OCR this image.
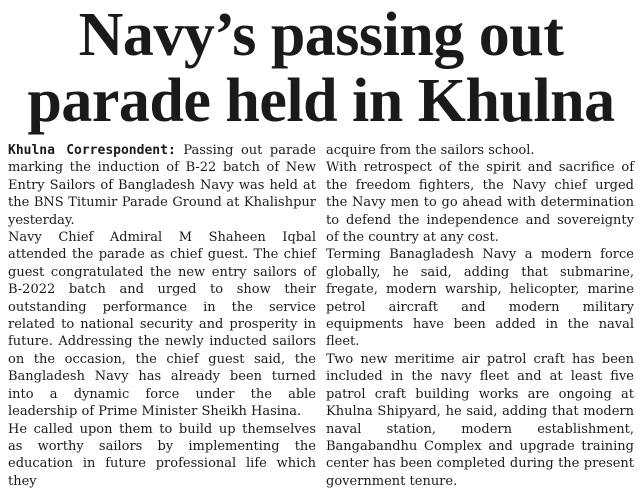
Navy’s passing out
parade held in Khulna

Khulna Correspondent: Passing out parade marking the induction of B-22 batch of New Entry Sailors of Bangladesh Navy was held at the BNS Titumir Parade Ground at Khalishpur yesterday.

Navy Chief Admiral M Shaheen Iqbal attended the parade as chief guest. The chief guest congratulated the new entry sailors of B-2022 batch and urged to show their outstanding performance in the service related to national security and prosperity in future. Addressing the newly inducted sailors on the occasion, the chief guest said, the Bangladesh Navy has already been turned into a dynamic force under the able leadership of Prime Minister Sheikh Hasina.

He called upon them to build up themselves as worthy sailors by implementing the education in future professional life which they

acquire from the sailors school.

With retrospect of the spirit and sacrifice of the freedom fighters, the Navy chief urged the Navy men to go ahead with determination to defend the independence and sovereignty of the country at any cost.

Terming Banagladesh Navy a modern force globally, he said, adding that submarine, fregate, modern warship, helicopter, marine petrol aircraft and modern military equipments have been added in the naval fleet.

Two new meritime air patrol craft has been included in the navy fleet and at least five patrol craft building works are ongoing at Khulna Shipyard, he said, adding that modern naval station, modern establishment, Bangabandhu Complex and upgrade training center has been completed during the present government tenure.
